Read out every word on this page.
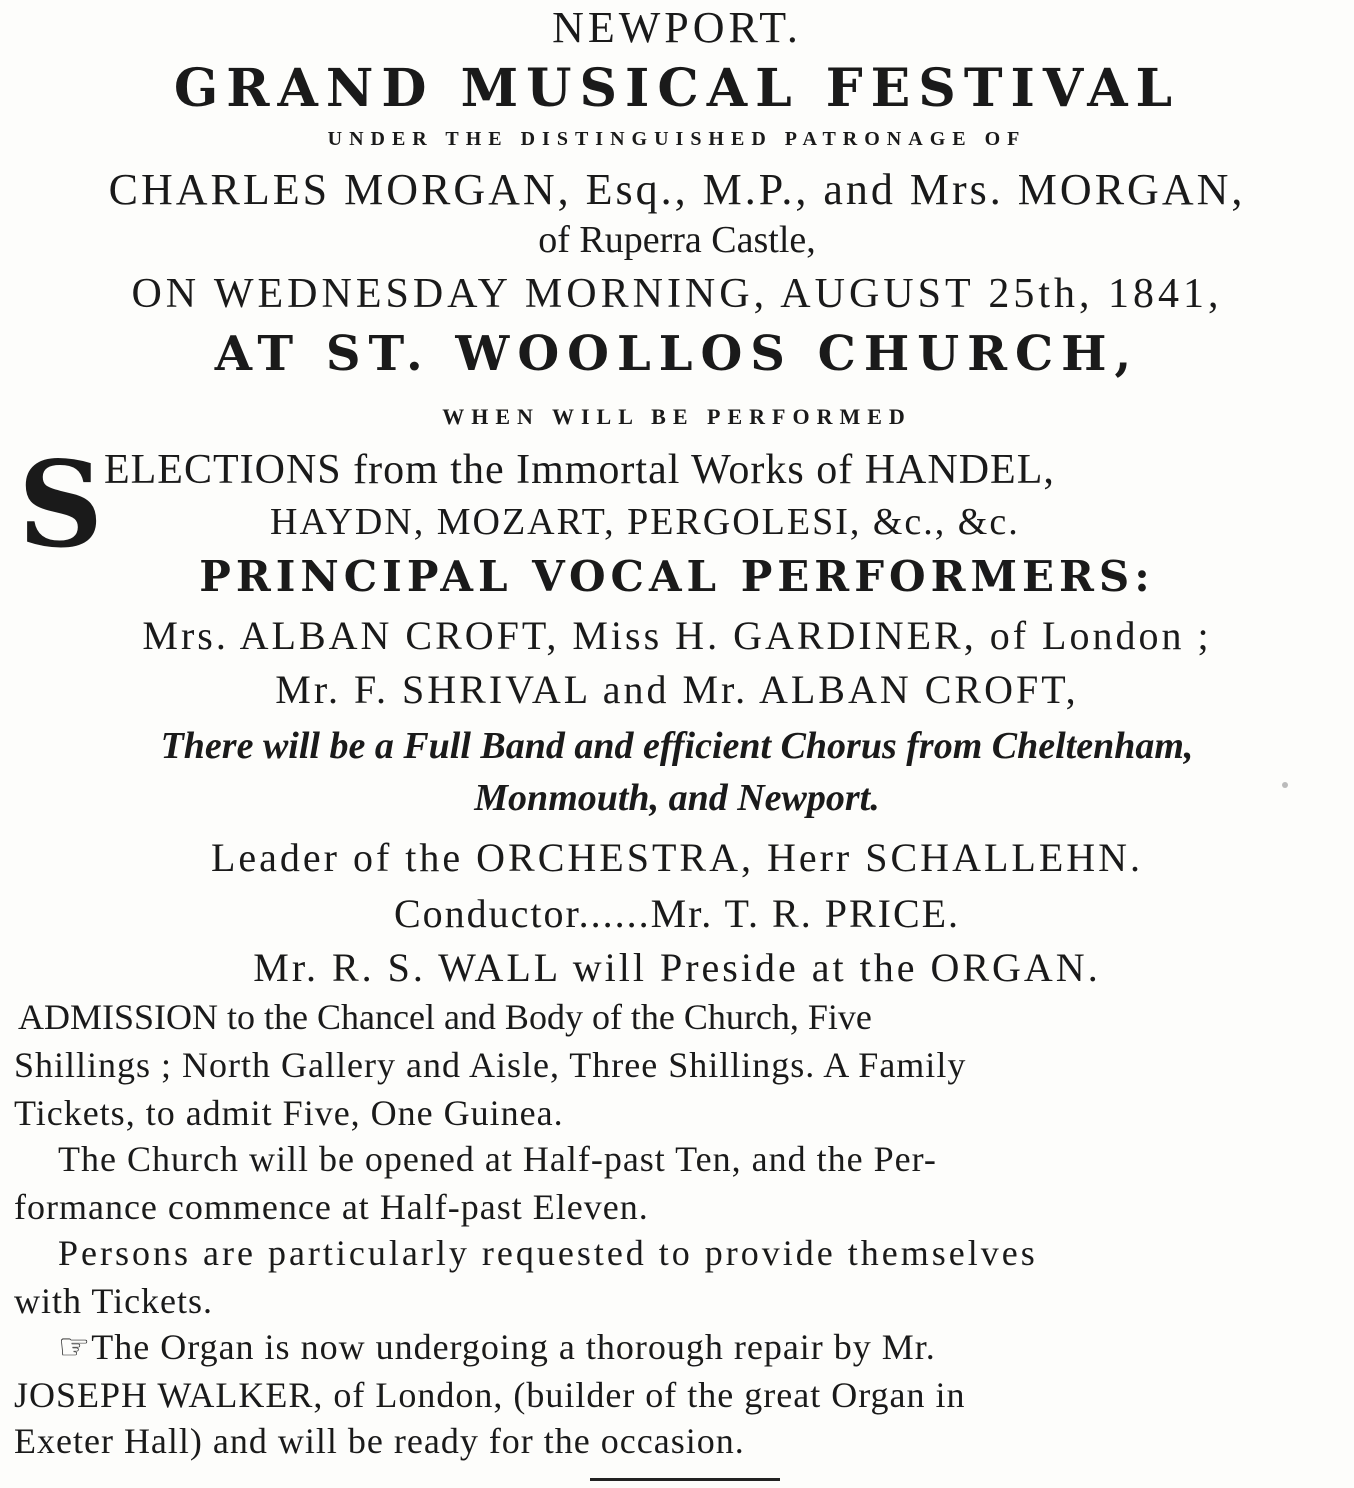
NEWPORT.
GRAND MUSICAL FESTIVAL
UNDER THE DISTINGUISHED PATRONAGE OF
CHARLES MORGAN, Esq., M.P., and Mrs. MORGAN,
of Ruperra Castle,
ON WEDNESDAY MORNING, AUGUST 25th, 1841,
AT ST. WOOLLOS CHURCH,
WHEN WILL BE PERFORMED
S ELECTIONS from the Immortal Works of HANDEL,
HAYDN, MOZART, PERGOLESI, &c., &c.
PRINCIPAL VOCAL PERFORMERS:
Mrs. ALBAN CROFT, Miss H. GARDINER, of London ;
Mr. F. SHRIVAL and Mr. ALBAN CROFT,
There will be a Full Band and efficient Chorus from Cheltenham,
Monmouth, and Newport.
Leader of the ORCHESTRA, Herr SCHALLEHN.
Conductor......Mr. T. R. PRICE.
Mr. R. S. WALL will Preside at the ORGAN.
ADMISSION to the Chancel and Body of the Church, Five
Shillings ; North Gallery and Aisle, Three Shillings. A Family
Tickets, to admit Five, One Guinea.
The Church will be opened at Half-past Ten, and the Per-
formance commence at Half-past Eleven.
Persons are particularly requested to provide themselves
with Tickets.
☞The Organ is now undergoing a thorough repair by Mr.
JOSEPH WALKER, of London, (builder of the great Organ in
Exeter Hall) and will be ready for the occasion.
